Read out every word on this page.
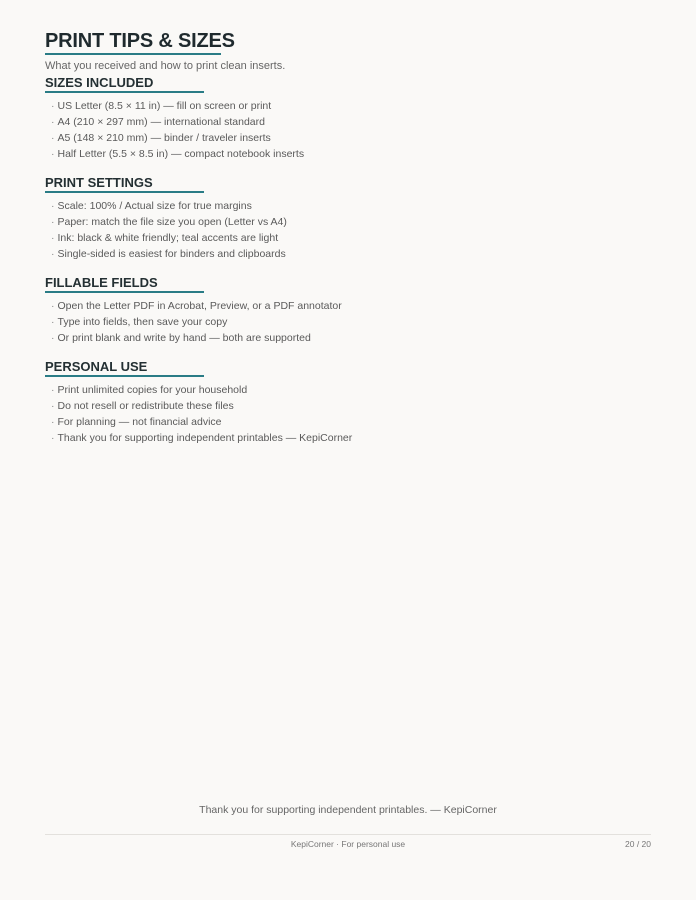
PRINT TIPS & SIZES
What you received and how to print clean inserts.
SIZES INCLUDED
· US Letter (8.5 × 11 in) — fill on screen or print
· A4 (210 × 297 mm) — international standard
· A5 (148 × 210 mm) — binder / traveler inserts
· Half Letter (5.5 × 8.5 in) — compact notebook inserts
PRINT SETTINGS
· Scale: 100% / Actual size for true margins
· Paper: match the file size you open (Letter vs A4)
· Ink: black & white friendly; teal accents are light
· Single-sided is easiest for binders and clipboards
FILLABLE FIELDS
· Open the Letter PDF in Acrobat, Preview, or a PDF annotator
· Type into fields, then save your copy
· Or print blank and write by hand — both are supported
PERSONAL USE
· Print unlimited copies for your household
· Do not resell or redistribute these files
· For planning — not financial advice
· Thank you for supporting independent printables — KepiCorner
Thank you for supporting independent printables. — KepiCorner
KepiCorner · For personal use	20 / 20
